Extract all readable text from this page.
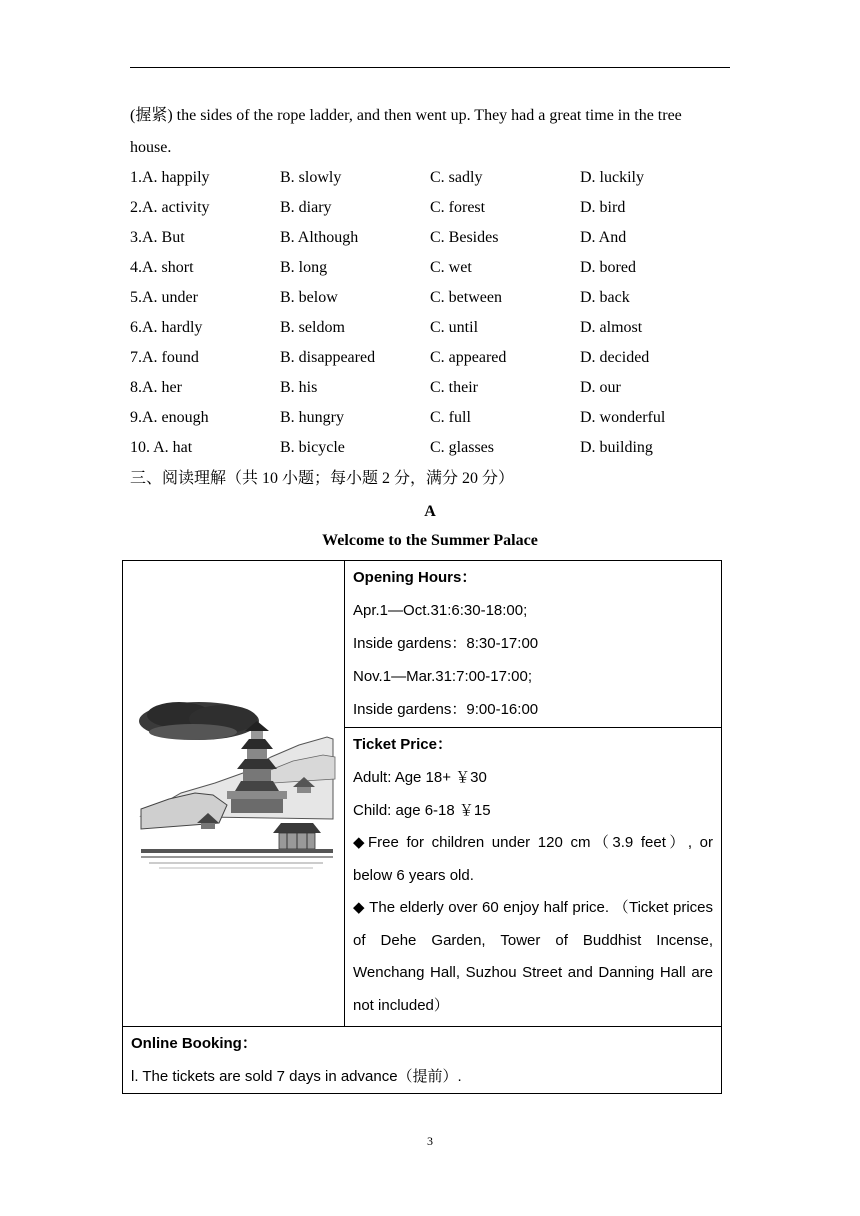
(握紧) the sides of the rope ladder, and then went up. They had a great time in the tree
house.
1.A. happily	B. slowly	C. sadly	D. luckily
2.A. activity	B. diary	C. forest	D. bird
3.A. But	B. Although	C. Besides	D. And
4.A. short	B. long	C. wet	D. bored
5.A. under	B. below	C. between	D. back
6.A. hardly	B. seldom	C. until	D. almost
7.A. found	B. disappeared	C. appeared	D. decided
8.A. her	B. his	C. their	D. our
9.A. enough	B. hungry	C. full	D. wonderful
10. A. hat	B. bicycle	C. glasses	D. building
三、阅读理解（共 10 小题；每小题 2 分，满分 20 分）
A
Welcome to the Summer Palace
Opening Hours：
Apr.1—Oct.31:6:30-18:00;
Inside gardens：8:30-17:00
Nov.1—Mar.31:7:00-17:00;
Inside gardens：9:00-16:00
Ticket Price：
Adult: Age 18+ ￥30
Child: age 6-18 ￥15
◆Free for children under 120 cm（3.9 feet）, or below 6 years old.
◆ The elderly over 60 enjoy half price. （Ticket prices of Dehe Garden, Tower of Buddhist Incense, Wenchang Hall, Suzhou Street and Danning Hall are not included）
Online Booking：
l. The tickets are sold 7 days in advance（提前）.
3
